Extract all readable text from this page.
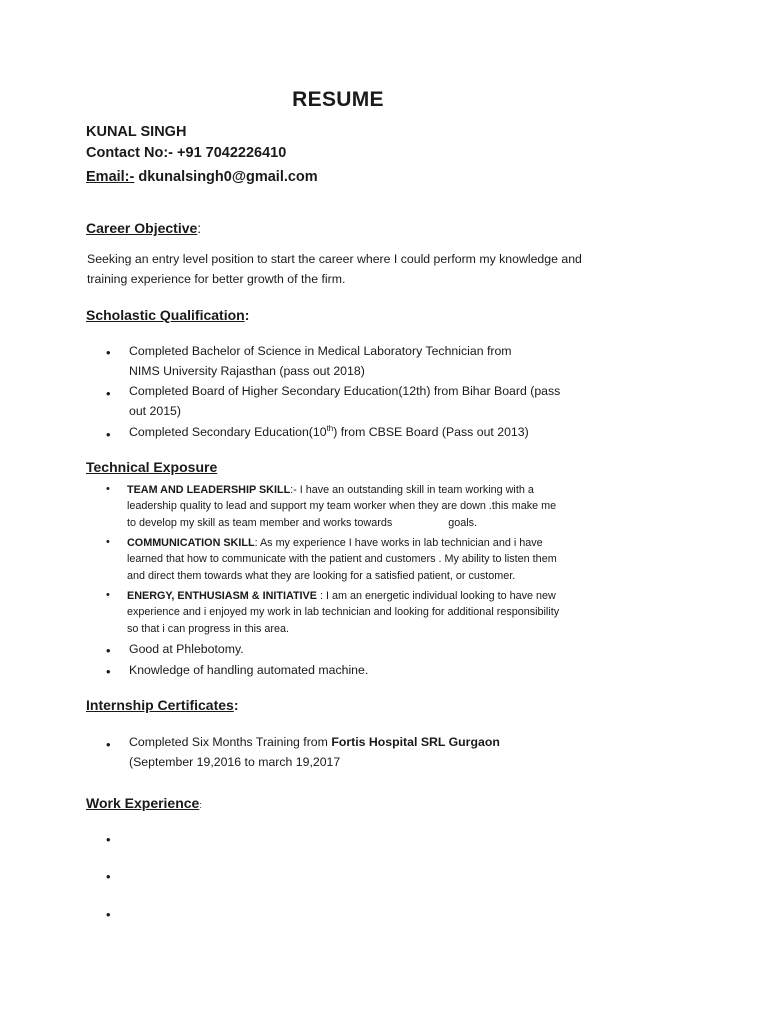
RESUME
KUNAL SINGH
Contact No:- +91 7042226410
Email:- dkunalsingh0@gmail.com
Career Objective:
Seeking an entry level position to start the career where I could perform my knowledge and
training experience for better growth of the firm.
Scholastic Qualification:
• Completed Bachelor of Science in Medical Laboratory Technician from
NIMS University Rajasthan (pass out 2018)
• Completed Board of Higher Secondary Education(12th) from Bihar Board (pass
out 2015)
• Completed Secondary Education(10th) from CBSE Board (Pass out 2013)
Technical Exposure
• TEAM AND LEADERSHIP SKILL:- I have an outstanding skill in team working with a
leadership quality to lead and support my team worker when they are down .this make me
to develop my skill as team member and works towards	goals.
• COMMUNICATION SKILL: As my experience I have works in lab technician and i have
learned that how to communicate with the patient and customers . My ability to listen them
and direct them towards what they are looking for a satisfied patient, or customer.
• ENERGY, ENTHUSIASM & INITIATIVE : I am an energetic individual looking to have new
experience and i enjoyed my work in lab technician and looking for additional responsibility
so that i can progress in this area.
• Good at Phlebotomy.
• Knowledge of handling automated machine.
Internship Certificates:
• Completed Six Months Training from Fortis Hospital SRL Gurgaon
(September 19,2016 to march 19,2017
Work Experience:
•
•
•
